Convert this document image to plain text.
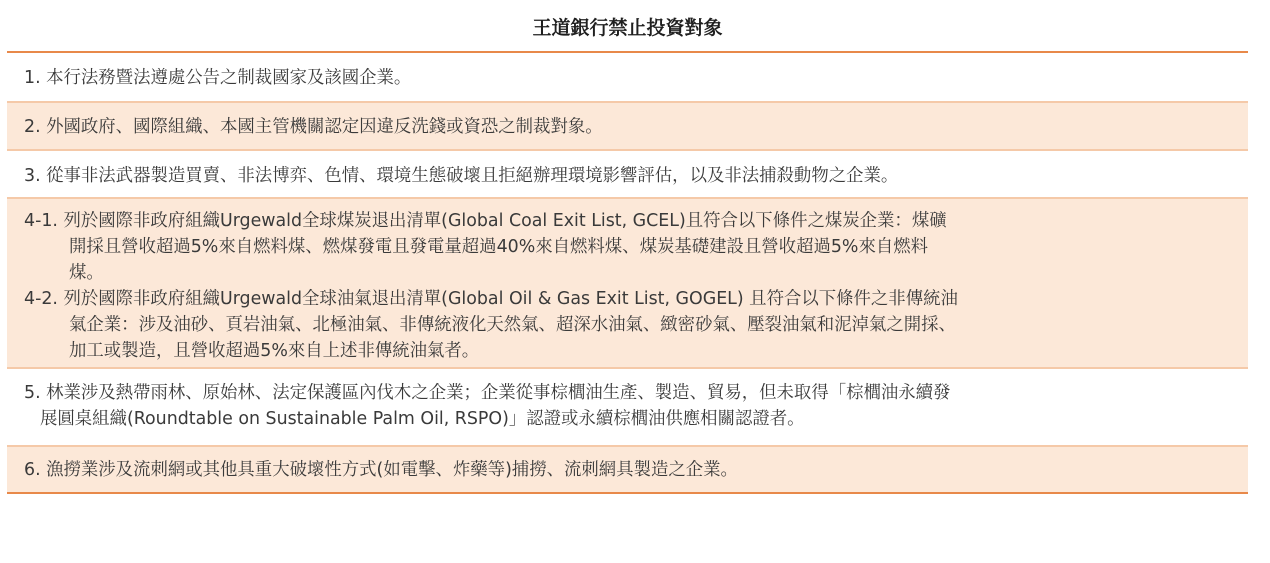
王道銀行禁止投資對象
1. 本行法務暨法遵處公告之制裁國家及該國企業。
2. 外國政府、國際組織、本國主管機關認定因違反洗錢或資恐之制裁對象。
3. 從事非法武器製造買賣、非法博弈、色情、環境生態破壞且拒絕辦理環境影響評估，以及非法捕殺動物之企業。
4-1. 列於國際非政府組織Urgewald全球煤炭退出清單(Global Coal Exit List, GCEL)且符合以下條件之煤炭企業：煤礦
開採且營收超過5%來自燃料煤、燃煤發電且發電量超過40%來自燃料煤、煤炭基礎建設且營收超過5%來自燃料
煤。
4-2. 列於國際非政府組織Urgewald全球油氣退出清單(Global Oil & Gas Exit List, GOGEL) 且符合以下條件之非傳統油
氣企業：涉及油砂、頁岩油氣、北極油氣、非傳統液化天然氣、超深水油氣、緻密砂氣、壓裂油氣和泥淖氣之開採、
加工或製造，且營收超過5%來自上述非傳統油氣者。
5. 林業涉及熱帶雨林、原始林、法定保護區內伐木之企業；企業從事棕櫚油生產、製造、貿易，但未取得「棕櫚油永續發
展圓桌組織(Roundtable on Sustainable Palm Oil, RSPO)」認證或永續棕櫚油供應相關認證者。
6. 漁撈業涉及流刺網或其他具重大破壞性方式(如電擊、炸藥等)捕撈、流刺網具製造之企業。
